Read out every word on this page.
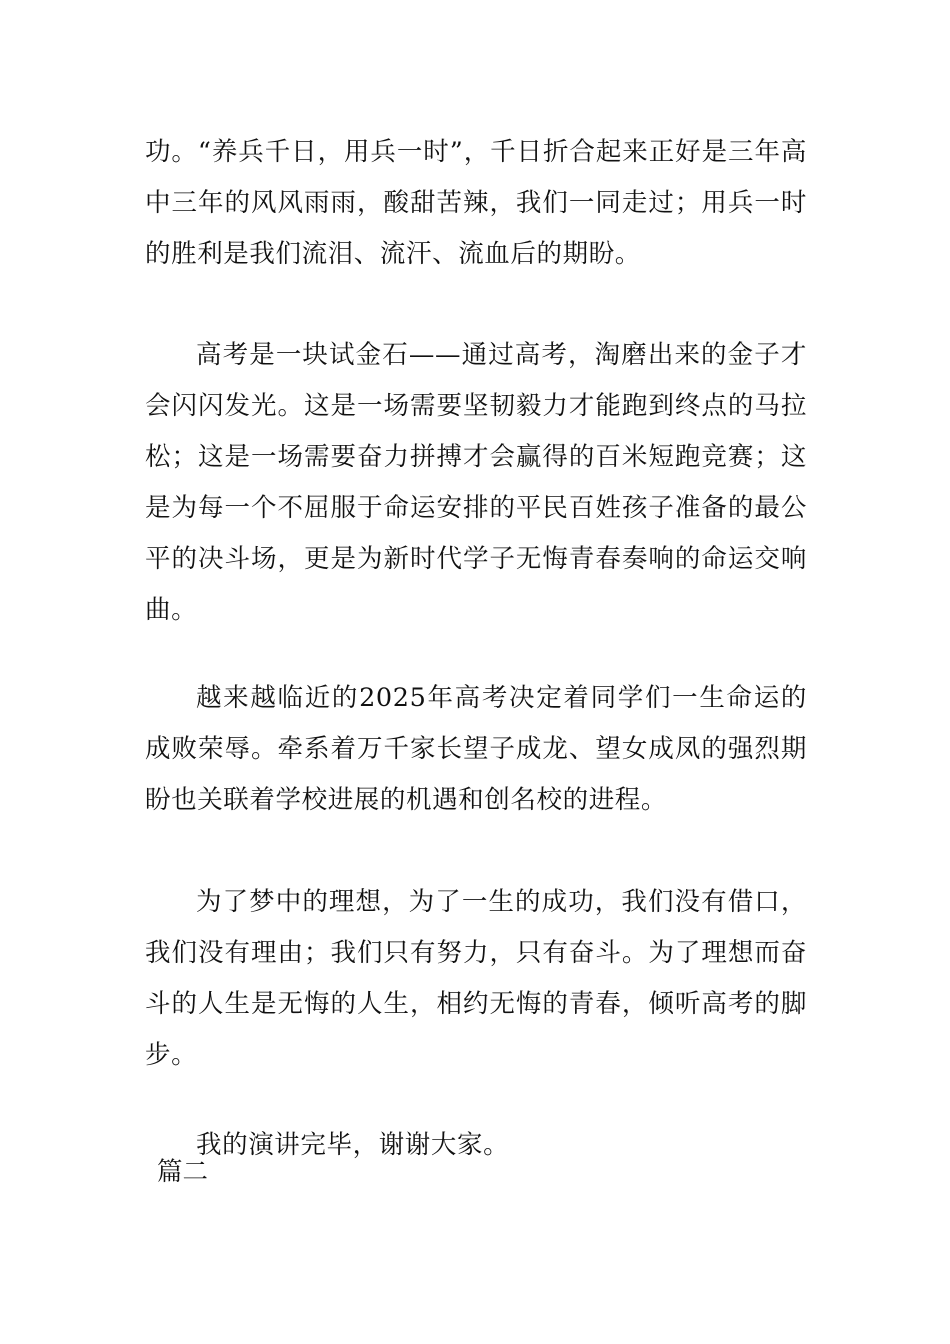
功。“养兵千日，用兵一时”，千日折合起来正好是三年高中三年的风风雨雨，酸甜苦辣，我们一同走过；用兵一时的胜利是我们流泪、流汗、流血后的期盼。

高考是一块试金石——通过高考，淘磨出来的金子才会闪闪发光。这是一场需要坚韧毅力才能跑到终点的马拉松；这是一场需要奋力拼搏才会赢得的百米短跑竞赛；这是为每一个不屈服于命运安排的平民百姓孩子准备的最公平的决斗场，更是为新时代学子无悔青春奏响的命运交响曲。

越来越临近的2025年高考决定着同学们一生命运的成败荣辱。牵系着万千家长望子成龙、望女成凤的强烈期盼也关联着学校进展的机遇和创名校的进程。

为了梦中的理想，为了一生的成功，我们没有借口，我们没有理由；我们只有努力，只有奋斗。为了理想而奋斗的人生是无悔的人生，相约无悔的青春，倾听高考的脚步。

我的演讲完毕，谢谢大家。

篇二
